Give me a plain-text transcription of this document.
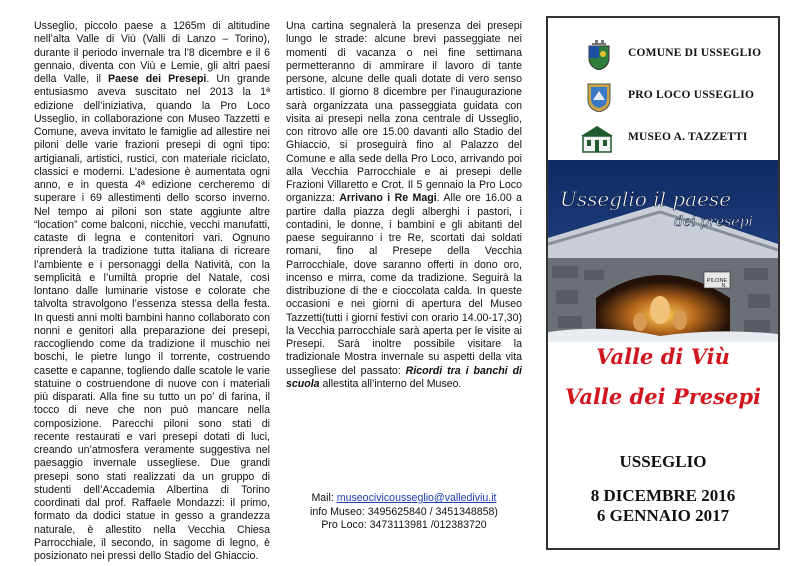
Usseglio, piccolo paese a 1265m di altitudine nell’alta Valle di Viù (Valli di Lanzo – Torino), durante il periodo invernale tra l’8 dicembre e il 6 gennaio, diventa con Viù e Lemie, gli altri paesi della Valle, il Paese dei Presepi. Un grande entusiasmo aveva suscitato nel 2013 la 1ª edizione dell’iniziativa, quando la Pro Loco Usseglio, in collaborazione con Museo Tazzetti e Comune, aveva invitato le famiglie ad allestire nei piloni delle varie frazioni presepi di ogni tipo: artigianali, artistici, rustici, con materiale riciclato, classici e moderni. L’adesione è aumentata ogni anno, e in questa 4ª edizione cercheremo di superare i 69 allestimenti dello scorso inverno. Nel tempo ai piloni son state aggiunte altre “location” come balconi, nicchie, vecchi manufatti, cataste di legna e contenitori vari. Ognuno riprenderà la tradizione tutta italiana di ricreare l’ambiente e i personaggi della Natività, con la semplicità e l’umiltà proprie del Natale, così lontano dalle luminarie vistose e colorate che talvolta stravolgono l’essenza stessa della festa. In questi anni molti bambini hanno collaborato con nonni e genitori alla preparazione dei presepi, raccogliendo come da tradizione il muschio nei boschi, le pietre lungo il torrente, costruendo casette e capanne, togliendo dalle scatole le varie statuine o costruendone di nuove con i materiali più disparati. Alla fine su tutto un po’ di farina, il tocco di neve che non può mancare nella composizione. Parecchi piloni sono stati di recente restaurati e vari presepi dotati di luci, creando un’atmosfera veramente suggestiva nel paesaggio invernale ussegliese. Due grandi presepi sono stati realizzati da un gruppo di studenti dell’Accademia Albertina di Torino coordinati dal prof. Raffaele Mondazzi: il primo, formato da dodici statue in gesso a grandezza naturale, è allestito nella Vecchia Chiesa Parrocchiale, il secondo, in sagome di legno, è posizionato nei pressi dello Stadio del Ghiaccio.

Una cartina segnalerà la presenza dei presepi lungo le strade: alcune brevi passeggiate nei momenti di vacanza o nei fine settimana permetteranno di ammirare il lavoro di tante persone, alcune delle quali dotate di vero senso artistico. Il giorno 8 dicembre per l’inaugurazione sarà organizzata una passeggiata guidata con visita ai presepi nella zona centrale di Usseglio, con ritrovo alle ore 15.00 davanti allo Stadio del Ghiaccio, si proseguirà fino al Palazzo del Comune e alla sede della Pro Loco, arrivando poi alla Vecchia Parrocchiale e ai presepi delle Frazioni Villaretto e Crot. Il 5 gennaio la Pro Loco organizza: Arrivano i Re Magi. Alle ore 16.00 a partire dalla piazza degli alberghi i pastori, i contadini, le donne, i bambini e gli abitanti del paese seguiranno i tre Re, scortati dai soldati romani, fino al Presepe della Vecchia Parrocchiale, dove saranno offerti in dono oro, incenso e mirra, come da tradizione. Seguirà la distribuzione di the e cioccolata calda. In queste occasioni e nei giorni di apertura del Museo Tazzetti(tutti i giorni festivi con orario 14.00-17,30) la Vecchia parrocchiale sarà aperta per le visite ai Presepi. Sarà inoltre possibile visitare la tradizionale Mostra invernale su aspetti della vita usseglìese del passato: Ricordi tra i banchi di scuola allestita all’interno del Museo.

Mail: museocivicousseglio@vallediviu.it
info Museo: 3495625840 / 3451348858)
Pro Loco: 3473113981 /012383720
COMUNE DI USSEGLIO
PRO LOCO USSEGLIO
MUSEO A. TAZZETTI
PILONE
N.
Usseglio il paese
dei presepi
Valle di Viù
Valle dei Presepi
USSEGLIO
8 DICEMBRE 2016
6 GENNAIO 2017
